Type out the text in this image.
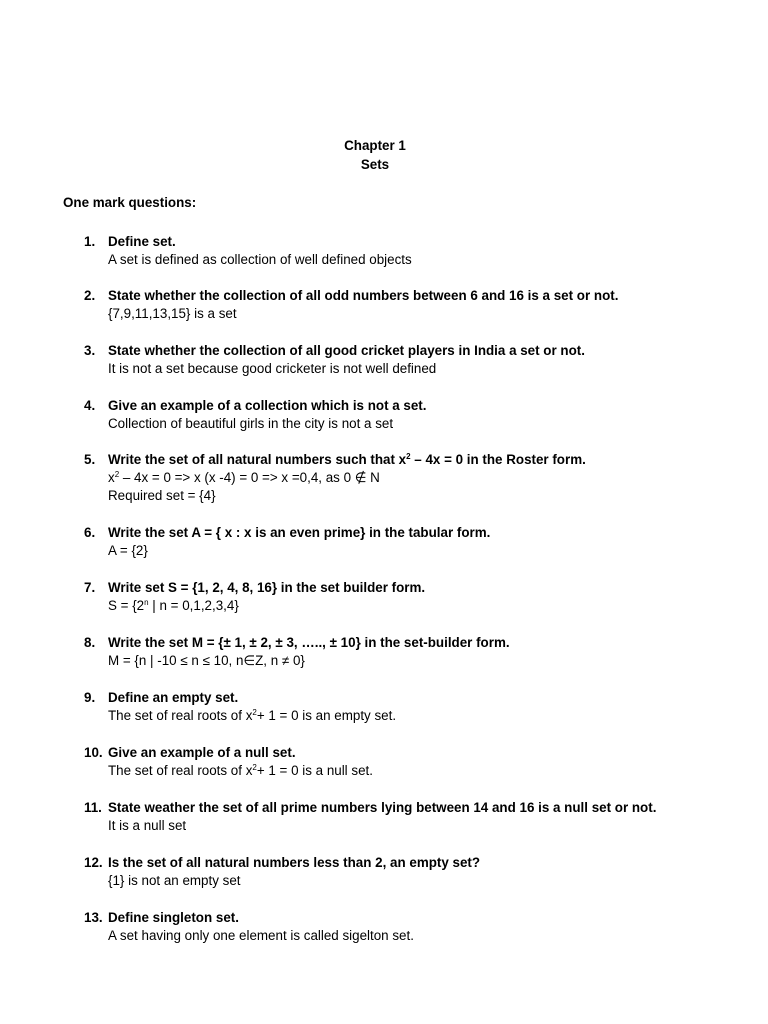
Chapter 1
Sets
One mark questions:
1. Define set.
A set is defined as collection of well defined objects
2. State whether the collection of all odd numbers between 6 and 16 is a set or not.
{7,9,11,13,15} is a set
3. State whether the collection of all good cricket players in India a set or not.
It is not a set because good cricketer is not well defined
4. Give an example of a collection which is not a set.
Collection of beautiful girls in the city is not a set
5. Write the set of all natural numbers such that $x^2 - 4x = 0$ in the Roster form.
$x^2 - 4x = 0 => x$ (x -4) = 0 => x =0,4, as 0 ∉ N
Required set = {4}
6. Write the set A = { x : x is an even prime} in the tabular form.
A = {2}
7. Write set S = {1, 2, 4, 8, 16} in the set builder form.
$S = \{2^n$ | n = 0,1,2,3,4}
8. Write the set M = {± 1, ± 2, ± 3, ….., ± 10} in the set-builder form.
M = {n | -10 ≤ n ≤ 10, n∈Z, n ≠ 0}
9. Define an empty set.
The set of real roots of $x^2+ 1 = 0$ is an empty set.
10. Give an example of a null set.
The set of real roots of $x^2+ 1 = 0$ is a null set.
11. State weather the set of all prime numbers lying between 14 and 16 is a null set or not.
It is a null set
12. Is the set of all natural numbers less than 2, an empty set?
{1} is not an empty set
13. Define singleton set.
A set having only one element is called sigelton set.
